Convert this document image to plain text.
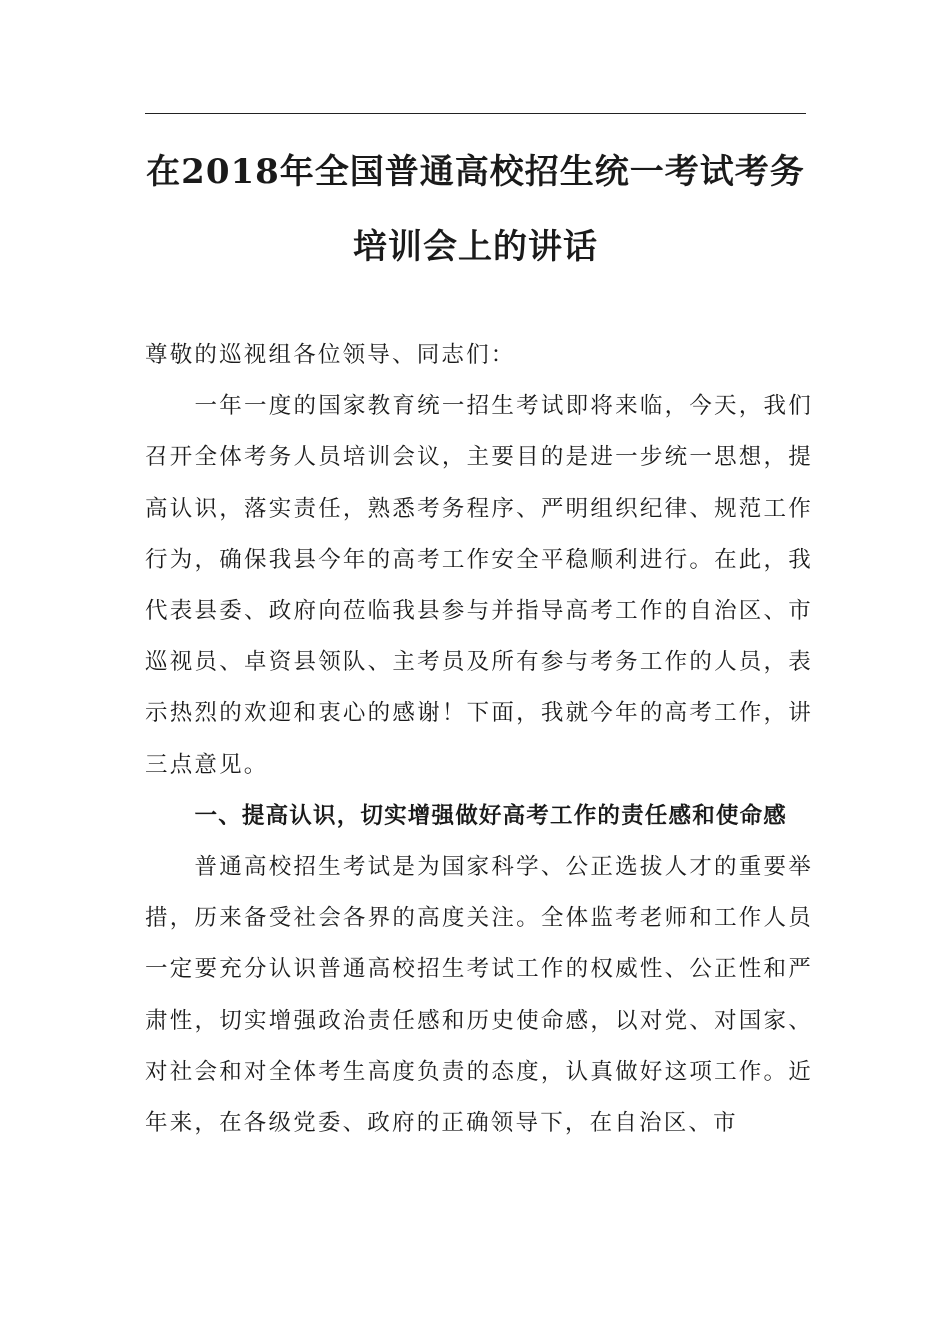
在2018年全国普通高校招生统一考试考务
培训会上的讲话

尊敬的巡视组各位领导、同志们：

一年一度的国家教育统一招生考试即将来临，今天，我们召开全体考务人员培训会议，主要目的是进一步统一思想，提高认识，落实责任，熟悉考务程序、严明组织纪律、规范工作行为，确保我县今年的高考工作安全平稳顺利进行。在此，我代表县委、政府向莅临我县参与并指导高考工作的自治区、市巡视员、卓资县领队、主考员及所有参与考务工作的人员，表示热烈的欢迎和衷心的感谢！下面，我就今年的高考工作，讲三点意见。

一、提高认识，切实增强做好高考工作的责任感和使命感

普通高校招生考试是为国家科学、公正选拔人才的重要举措，历来备受社会各界的高度关注。全体监考老师和工作人员一定要充分认识普通高校招生考试工作的权威性、公正性和严肃性，切实增强政治责任感和历史使命感，以对党、对国家、对社会和对全体考生高度负责的态度，认真做好这项工作。近年来，在各级党委、政府的正确领导下，在自治区、市
